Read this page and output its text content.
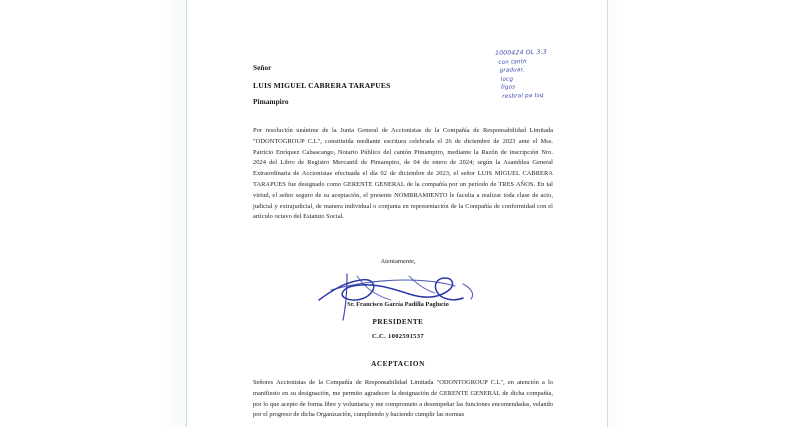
Señor
LUIS MIGUEL CABRERA TARAPUES
Pimampiro
Por resolución unánime de la Junta General de Accionistas de la Compañía de Responsabilidad Limitada "ODONTOGROUP C.L", constituida mediante escritura celebrada el 26 de diciembre de 2023 ante el Mss. Patricio Enríquez Cabascango, Notario Público del cantón Pimampiro, mediante la Razón de inscripción Nro. 2024 del Libro de Registro Mercantil de Pimampiro, de 04 de enero de 2024; según la Asamblea General Extraordinaria de Accionistas efectuada el día 02 de diciembre de 2023; el señor LUIS MIGUEL CABRERA TARAPUES fue designado como GERENTE GENERAL de la compañía por un período de TRES AÑOS. En tal virtud, el señor seguro de su aceptación, el presente NOMBRAMIENTO le faculta a realizar toda clase de acto, judicial y extrajudicial, de manera individual o conjunta en representación de la Compañía de conformidad con el artículo octavo del Estatuto Social.
Atentamente,
Sr. Francisco García Padilla Paglucio
PRESIDENTE
C.C. 1002591537
ACEPTACION
Señores Accionistas de la Compañía de Responsabilidad Limitada "ODONTOGROUP C.L", en atención a lo manifiesto en su designación, me permito agradecer la designación de GERENTE GENERAL de dicha compañía, por lo que acepto de forma libre y voluntaria y me comprometo a desempeñar las funciones encomendadas, velando por el progreso de dicha Organización, cumpliendo y haciendo cumplir las normas
1000424 OL 3.3
con tanth
graduar,
locg
figos
resbral pa tsq
